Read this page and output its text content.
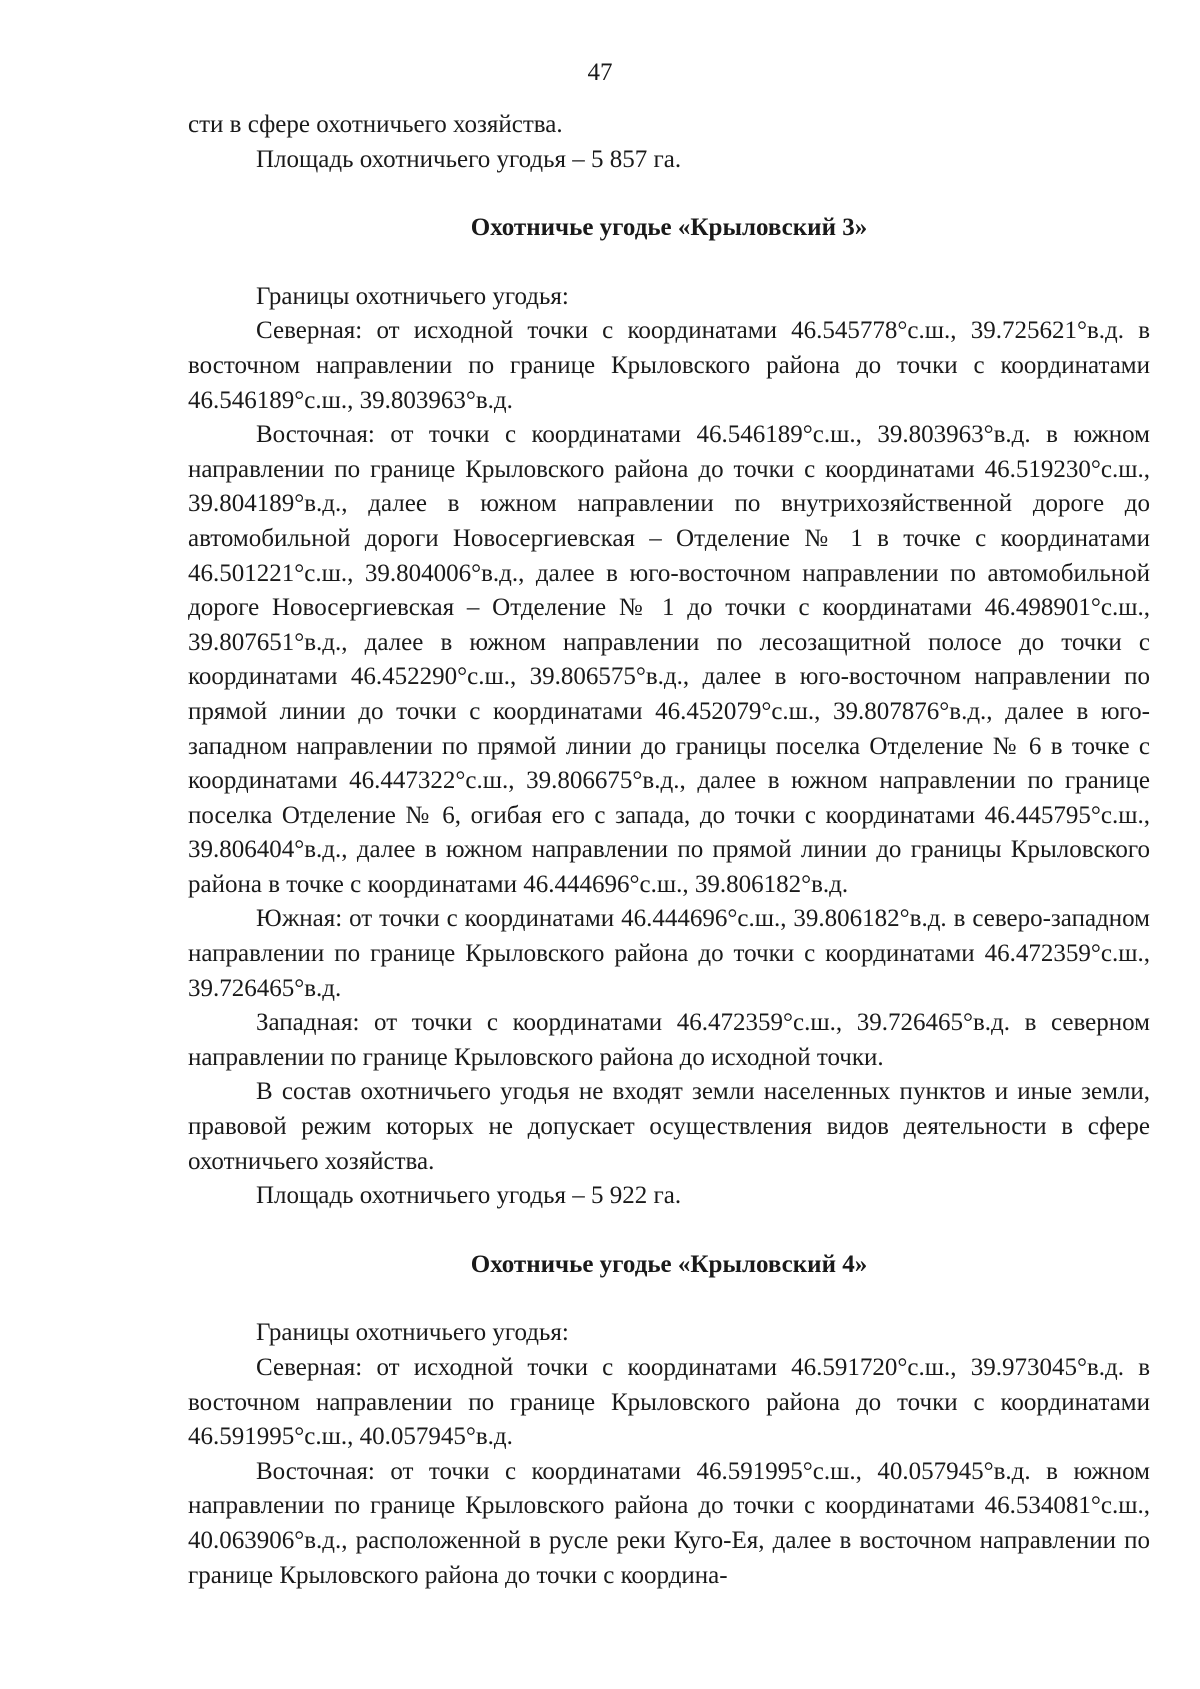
47

сти в сфере охотничьего хозяйства.

Площадь охотничьего угодья – 5 857 га.

Охотничье угодье «Крыловский 3»

Границы охотничьего угодья:

Северная: от исходной точки с координатами 46.545778°с.ш., 39.725621°в.д. в восточном направлении по границе Крыловского района до точки с координатами 46.546189°с.ш., 39.803963°в.д.

Восточная: от точки с координатами 46.546189°с.ш., 39.803963°в.д. в южном направлении по границе Крыловского района до точки с координатами 46.519230°с.ш., 39.804189°в.д., далее в южном направлении по внутрихозяйственной дороге до автомобильной дороги Новосергиевская – Отделение № 1 в точке с координатами 46.501221°с.ш., 39.804006°в.д., далее в юго-восточном направлении по автомобильной дороге Новосергиевская – Отделение № 1 до точки с координатами 46.498901°с.ш., 39.807651°в.д., далее в южном направлении по лесозащитной полосе до точки с координатами 46.452290°с.ш., 39.806575°в.д., далее в юго-восточном направлении по прямой линии до точки с координатами 46.452079°с.ш., 39.807876°в.д., далее в юго-западном направлении по прямой линии до границы поселка Отделение № 6 в точке с координатами 46.447322°с.ш., 39.806675°в.д., далее в южном направлении по границе поселка Отделение № 6, огибая его с запада, до точки с координатами 46.445795°с.ш., 39.806404°в.д., далее в южном направлении по прямой линии до границы Крыловского района в точке с координатами 46.444696°с.ш., 39.806182°в.д.

Южная: от точки с координатами 46.444696°с.ш., 39.806182°в.д. в северо-западном направлении по границе Крыловского района до точки с координатами 46.472359°с.ш., 39.726465°в.д.

Западная: от точки с координатами 46.472359°с.ш., 39.726465°в.д. в северном направлении по границе Крыловского района до исходной точки.

В состав охотничьего угодья не входят земли населенных пунктов и иные земли, правовой режим которых не допускает осуществления видов деятельности в сфере охотничьего хозяйства.

Площадь охотничьего угодья – 5 922 га.

Охотничье угодье «Крыловский 4»

Границы охотничьего угодья:

Северная: от исходной точки с координатами 46.591720°с.ш., 39.973045°в.д. в восточном направлении по границе Крыловского района до точки с координатами 46.591995°с.ш., 40.057945°в.д.

Восточная: от точки с координатами 46.591995°с.ш., 40.057945°в.д. в южном направлении по границе Крыловского района до точки с координатами 46.534081°с.ш., 40.063906°в.д., расположенной в русле реки Куго-Ея, далее в восточном направлении по границе Крыловского района до точки с координа-
